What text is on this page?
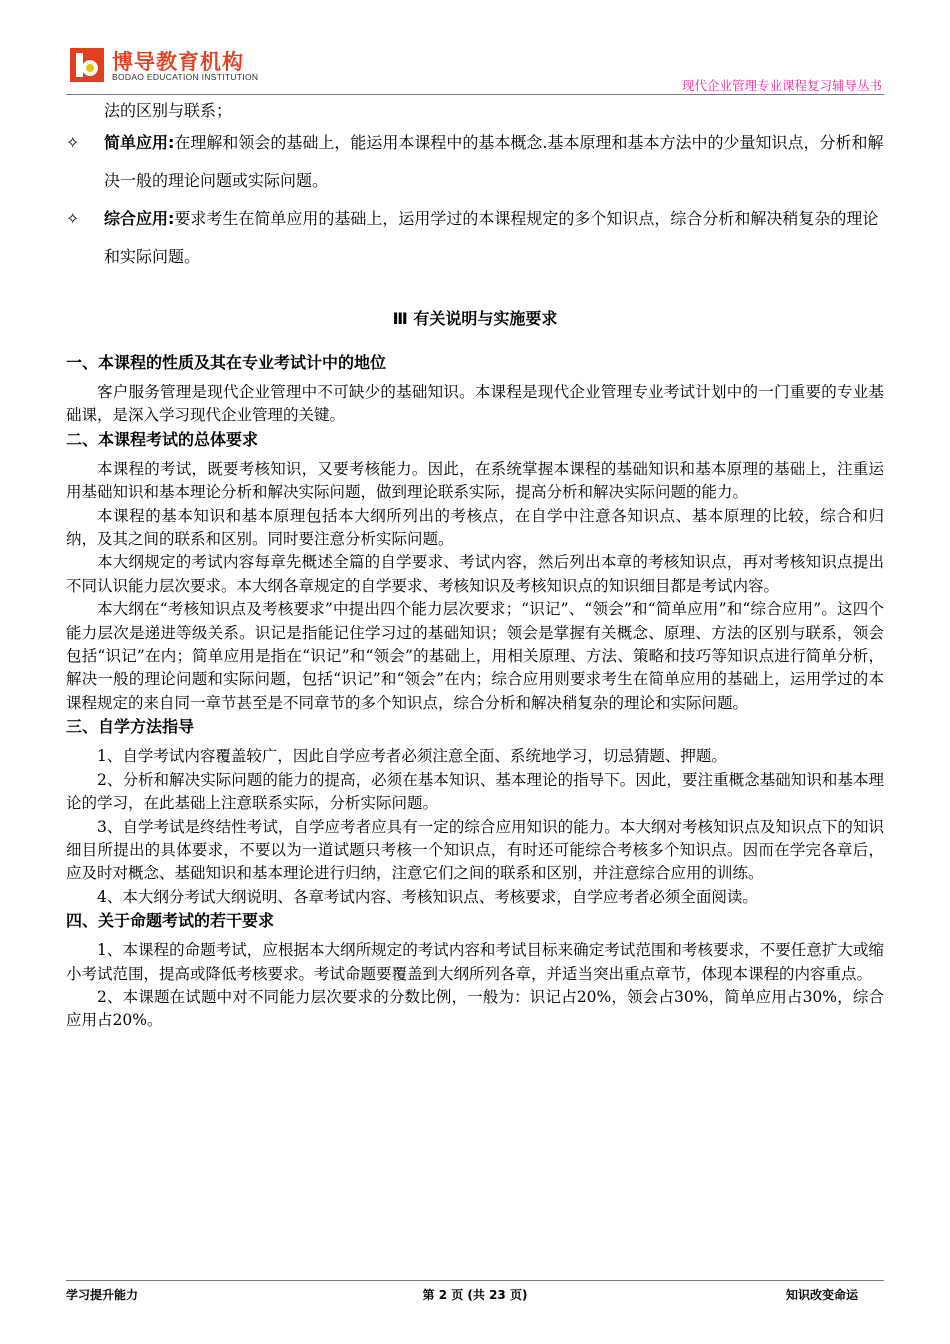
博导教育机构
BODAO EDUCATION INSTITUTION
现代企业管理专业课程复习辅导丛书

法的区别与联系；

✧ 简单应用:在理解和领会的基础上，能运用本课程中的基本概念.基本原理和基本方法中的少量知识点，分析和解决一般的理论问题或实际问题。
✧ 综合应用:要求考生在简单应用的基础上，运用学过的本课程规定的多个知识点，综合分析和解决稍复杂的理论和实际问题。
Ⅲ 有关说明与实施要求
一、本课程的性质及其在专业考试计中的地位

客户服务管理是现代企业管理中不可缺少的基础知识。本课程是现代企业管理专业考试计划中的一门重要的专业基础课，是深入学习现代企业管理的关键。

二、本课程考试的总体要求

本课程的考试，既要考核知识，又要考核能力。因此，在系统掌握本课程的基础知识和基本原理的基础上，注重运用基础知识和基本理论分析和解决实际问题，做到理论联系实际，提高分析和解决实际问题的能力。

本课程的基本知识和基本原理包括本大纲所列出的考核点，在自学中注意各知识点、基本原理的比较，综合和归纳，及其之间的联系和区别。同时要注意分析实际问题。

本大纲规定的考试内容每章先概述全篇的自学要求、考试内容，然后列出本章的考核知识点，再对考核知识点提出不同认识能力层次要求。本大纲各章规定的自学要求、考核知识及考核知识点的知识细目都是考试内容。

本大纲在“考核知识点及考核要求”中提出四个能力层次要求；“识记”、“领会”和“简单应用”和“综合应用”。这四个能力层次是递进等级关系。识记是指能记住学习过的基础知识；领会是掌握有关概念、原理、方法的区别与联系，领会包括“识记”在内；简单应用是指在“识记”和“领会”的基础上，用相关原理、方法、策略和技巧等知识点进行简单分析，解决一般的理论问题和实际问题，包括“识记”和“领会”在内；综合应用则要求考生在简单应用的基础上，运用学过的本课程规定的来自同一章节甚至是不同章节的多个知识点，综合分析和解决稍复杂的理论和实际问题。

三、自学方法指导

1、自学考试内容覆盖较广，因此自学应考者必须注意全面、系统地学习，切忌猜题、押题。

2、分析和解决实际问题的能力的提高，必须在基本知识、基本理论的指导下。因此，要注重概念基础知识和基本理论的学习，在此基础上注意联系实际，分析实际问题。

3、自学考试是终结性考试，自学应考者应具有一定的综合应用知识的能力。本大纲对考核知识点及知识点下的知识细目所提出的具体要求，不要以为一道试题只考核一个知识点，有时还可能综合考核多个知识点。因而在学完各章后，应及时对概念、基础知识和基本理论进行归纳，注意它们之间的联系和区别，并注意综合应用的训练。

4、本大纲分考试大纲说明、各章考试内容、考核知识点、考核要求，自学应考者必须全面阅读。

四、关于命题考试的若干要求

1、本课程的命题考试，应根据本大纲所规定的考试内容和考试目标来确定考试范围和考核要求，不要任意扩大或缩小考试范围，提高或降低考核要求。考试命题要覆盖到大纲所列各章，并适当突出重点章节，体现本课程的内容重点。

2、本课题在试题中对不同能力层次要求的分数比例，一般为：识记占20%，领会占30%，简单应用占30%，综合应用占20%。

学习提升能力	第 2 页 (共 23 页)	知识改变命运
